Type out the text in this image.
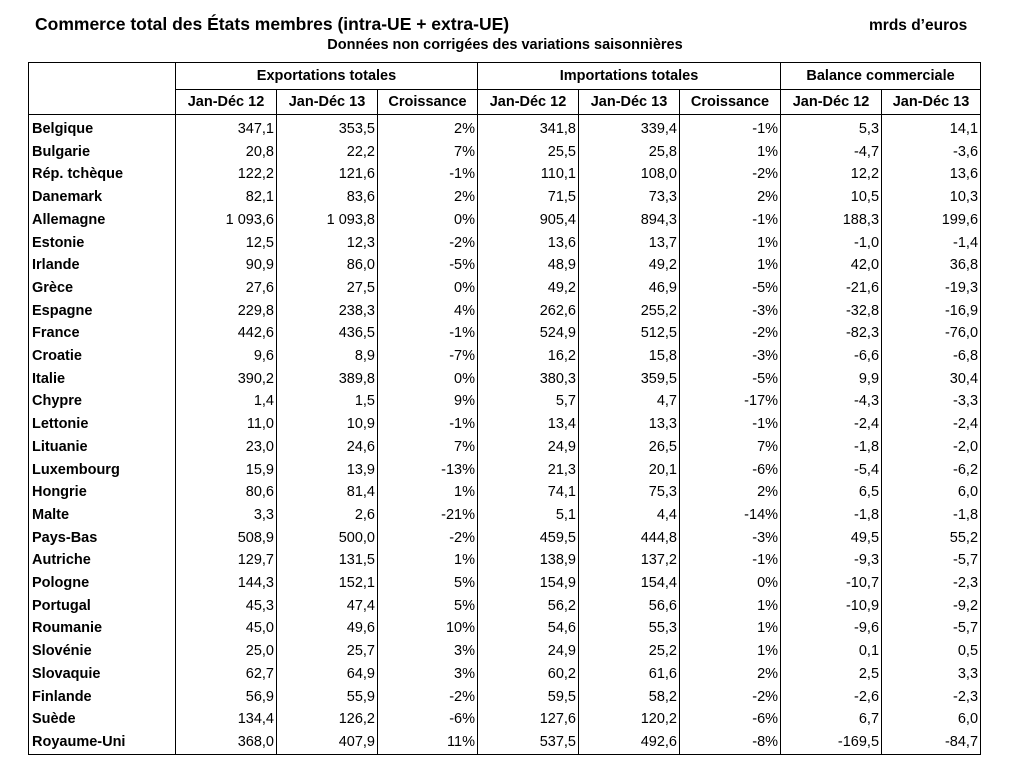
Commerce total des États membres (intra-UE + extra-UE)	mrds d’euros
Données non corrigées des variations saisonnières
	Exportations totales			Importations totales			Balance commerciale	
	Jan-Déc 12	Jan-Déc 13	Croissance	Jan-Déc 12	Jan-Déc 13	Croissance	Jan-Déc 12	Jan-Déc 13
Belgique	347,1	353,5	2%	341,8	339,4	-1%	5,3	14,1
Bulgarie	20,8	22,2	7%	25,5	25,8	1%	-4,7	-3,6
Rép. tchèque	122,2	121,6	-1%	110,1	108,0	-2%	12,2	13,6
Danemark	82,1	83,6	2%	71,5	73,3	2%	10,5	10,3
Allemagne	1 093,6	1 093,8	0%	905,4	894,3	-1%	188,3	199,6
Estonie	12,5	12,3	-2%	13,6	13,7	1%	-1,0	-1,4
Irlande	90,9	86,0	-5%	48,9	49,2	1%	42,0	36,8
Grèce	27,6	27,5	0%	49,2	46,9	-5%	-21,6	-19,3
Espagne	229,8	238,3	4%	262,6	255,2	-3%	-32,8	-16,9
France	442,6	436,5	-1%	524,9	512,5	-2%	-82,3	-76,0
Croatie	9,6	8,9	-7%	16,2	15,8	-3%	-6,6	-6,8
Italie	390,2	389,8	0%	380,3	359,5	-5%	9,9	30,4
Chypre	1,4	1,5	9%	5,7	4,7	-17%	-4,3	-3,3
Lettonie	11,0	10,9	-1%	13,4	13,3	-1%	-2,4	-2,4
Lituanie	23,0	24,6	7%	24,9	26,5	7%	-1,8	-2,0
Luxembourg	15,9	13,9	-13%	21,3	20,1	-6%	-5,4	-6,2
Hongrie	80,6	81,4	1%	74,1	75,3	2%	6,5	6,0
Malte	3,3	2,6	-21%	5,1	4,4	-14%	-1,8	-1,8
Pays-Bas	508,9	500,0	-2%	459,5	444,8	-3%	49,5	55,2
Autriche	129,7	131,5	1%	138,9	137,2	-1%	-9,3	-5,7
Pologne	144,3	152,1	5%	154,9	154,4	0%	-10,7	-2,3
Portugal	45,3	47,4	5%	56,2	56,6	1%	-10,9	-9,2
Roumanie	45,0	49,6	10%	54,6	55,3	1%	-9,6	-5,7
Slovénie	25,0	25,7	3%	24,9	25,2	1%	0,1	0,5
Slovaquie	62,7	64,9	3%	60,2	61,6	2%	2,5	3,3
Finlande	56,9	55,9	-2%	59,5	58,2	-2%	-2,6	-2,3
Suède	134,4	126,2	-6%	127,6	120,2	-6%	6,7	6,0
Royaume-Uni	368,0	407,9	11%	537,5	492,6	-8%	-169,5	-84,7
